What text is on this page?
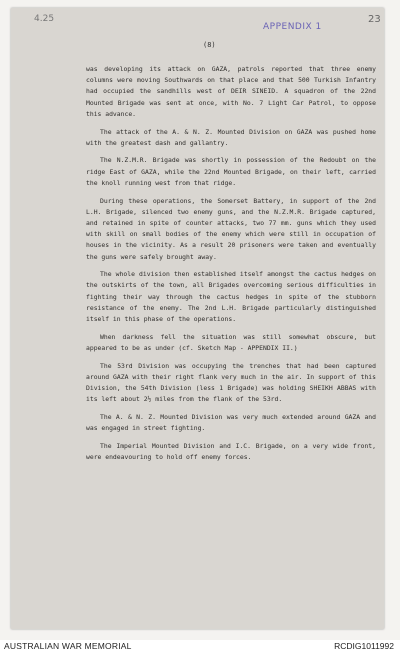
4.25
APPENDIX 1
23
(8)

was developing its attack on GAZA, patrols reported that three enemy columns were moving Southwards on that place and that 500 Turkish Infantry had occupied the sandhills west of DEIR SINEID. A squadron of the 22nd Mounted Brigade was sent at once, with No. 7 Light Car Patrol, to oppose this advance.

The attack of the A. & N. Z. Mounted Division on GAZA was pushed home with the greatest dash and gallantry.

The N.Z.M.R. Brigade was shortly in possession of the Redoubt on the ridge East of GAZA, while the 22nd Mounted Brigade, on their left, carried the knoll running west from that ridge.

During these operations, the Somerset Battery, in support of the 2nd L.H. Brigade, silenced two enemy guns, and the N.Z.M.R. Brigade captured, and retained in spite of counter attacks, two 77 mm. guns which they used with skill on small bodies of the enemy which were still in occupation of houses in the vicinity. As a result 20 prisoners were taken and eventually the guns were safely brought away.

The whole division then established itself amongst the cactus hedges on the outskirts of the town, all Brigades overcoming serious difficulties in fighting their way through the cactus hedges in spite of the stubborn resistance of the enemy. The 2nd L.H. Brigade particularly distinguished itself in this phase of the operations.

When darkness fell the situation was still somewhat obscure, but appeared to be as under (cf. Sketch Map - APPENDIX II.)

The 53rd Division was occupying the trenches that had been captured around GAZA with their right flank very much in the air. In support of this Division, the 54th Division (less 1 Brigade) was holding SHEIKH ABBAS with its left about 2½ miles from the flank of the 53rd.

The A. & N. Z. Mounted Division was very much extended around GAZA and was engaged in street fighting.

The Imperial Mounted Division and I.C. Brigade, on a very wide front, were endeavouring to hold off enemy forces.

AUSTRALIAN WAR MEMORIAL	RCDIG1011992
